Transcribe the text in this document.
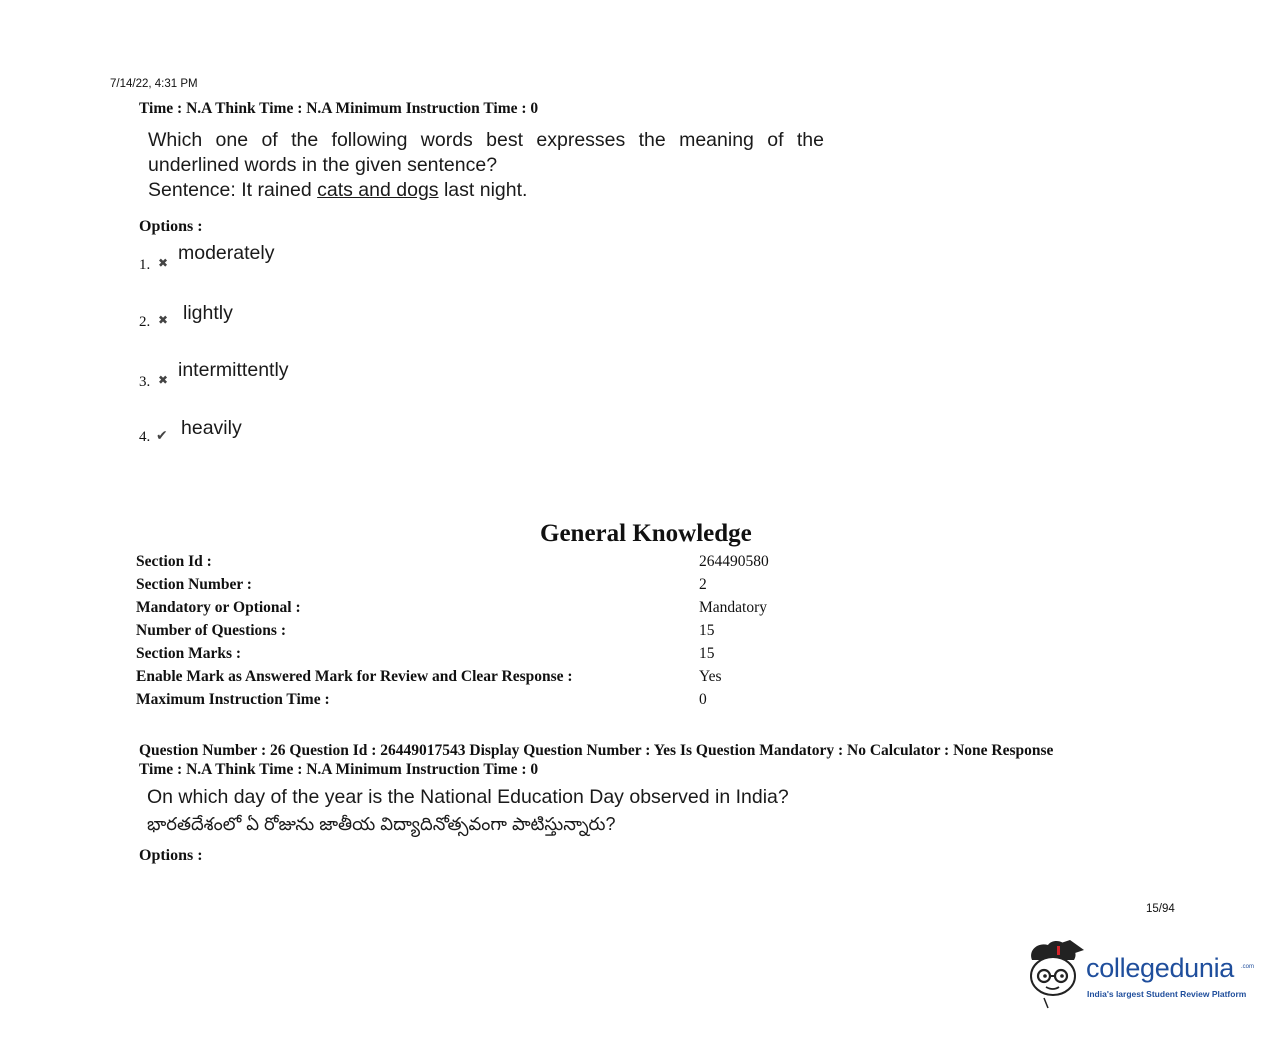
7/14/22, 4:31 PM
Time : N.A Think Time : N.A Minimum Instruction Time : 0
Which one of the following words best expresses the meaning of the
underlined words in the given sentence?
Sentence: It rained cats and dogs last night.
Options :
1. ✖ moderately
2. ✖ lightly
3. ✖ intermittently
4. ✔ heavily
General Knowledge
Section Id :	264490580
Section Number :	2
Mandatory or Optional :	Mandatory
Number of Questions :	15
Section Marks :	15
Enable Mark as Answered Mark for Review and Clear Response :	Yes
Maximum Instruction Time :	0
Question Number : 26 Question Id : 26449017543 Display Question Number : Yes Is Question Mandatory : No Calculator : None Response
Time : N.A Think Time : N.A Minimum Instruction Time : 0
On which day of the year is the National Education Day observed in India?
భారతదేశంలో ఏ రోజును జాతీయ విద్యాదినోత్సవంగా పాటిస్తున్నారు?
Options :
15/94
collegedunia .com
India's largest Student Review Platform
